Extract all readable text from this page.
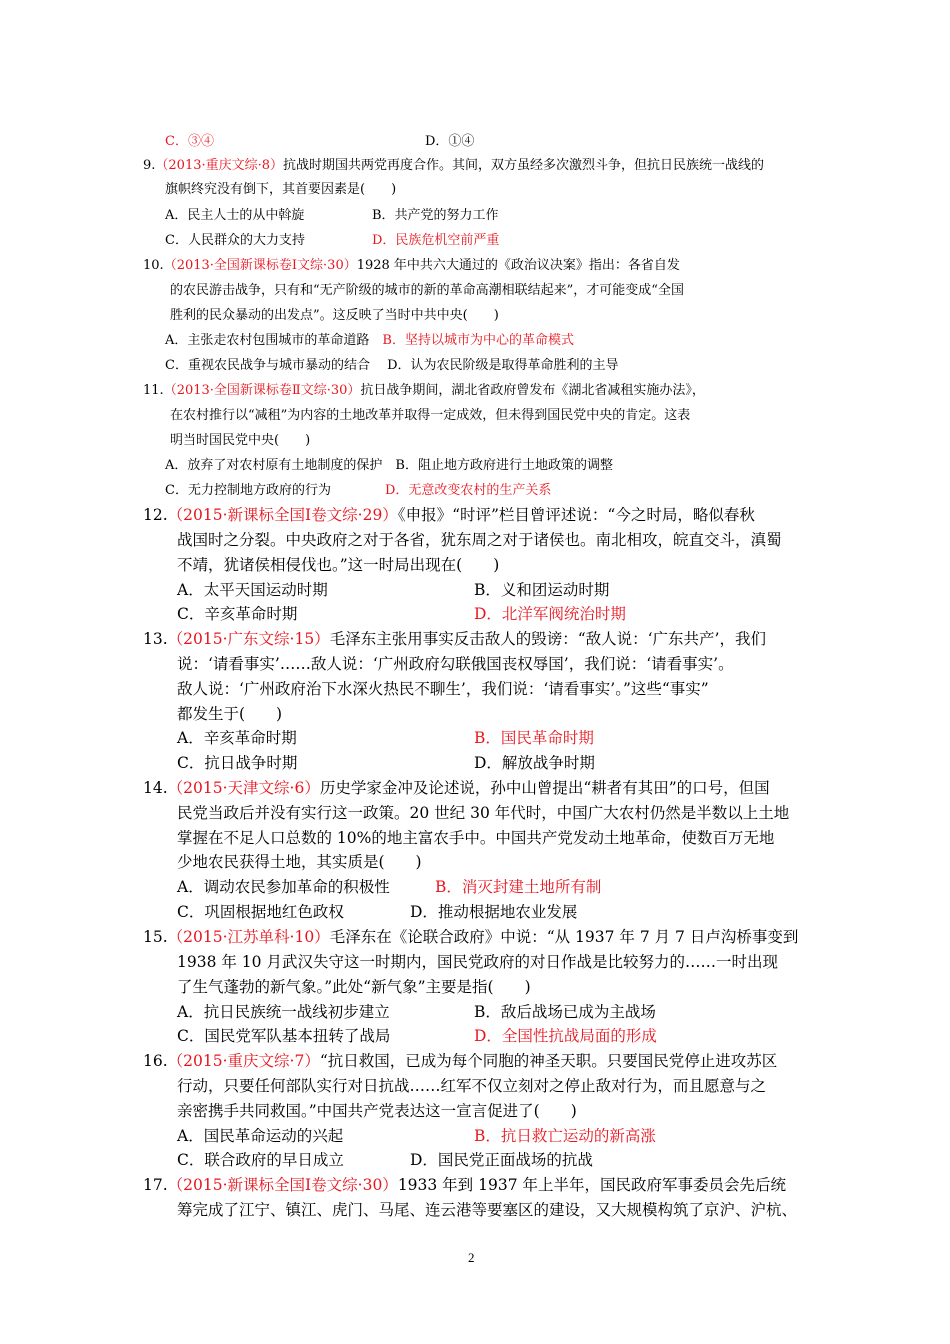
C．③④	D．①④
9.（2013·重庆文综·8）抗战时期国共两党再度合作。其间，双方虽经多次激烈斗争，但抗日民族统一战线的
旗帜终究没有倒下，其首要因素是(　　)
A．民主人士的从中斡旋	B．共产党的努力工作
C．人民群众的大力支持	D．民族危机空前严重
10.（2013·全国新课标卷Ⅰ文综·30）1928 年中共六大通过的《政治议决案》指出：各省自发
的农民游击战争，只有和“无产阶级的城市的新的革命高潮相联结起来”，才可能变成“全国
胜利的民众暴动的出发点”。这反映了当时中共中央(　　)
A．主张走农村包围城市的革命道路　B．坚持以城市为中心的革命模式
C．重视农民战争与城市暴动的结合　 D．认为农民阶级是取得革命胜利的主导
11.（2013·全国新课标卷Ⅱ文综·30）抗日战争期间，湖北省政府曾发布《湖北省减租实施办法》，
在农村推行以“减租”为内容的土地改革并取得一定成效，但未得到国民党中央的肯定。这表
明当时国民党中央(　　)
A．放弃了对农村原有土地制度的保护　B．阻止地方政府进行土地政策的调整
C．无力控制地方政府的行为	D．无意改变农村的生产关系
12.（2015·新课标全国Ⅰ卷文综·29）《申报》“时评”栏目曾评述说：“今之时局，略似春秋
战国时之分裂。中央政府之对于各省，犹东周之对于诸侯也。南北相攻，皖直交斗，滇蜀
不靖，犹诸侯相侵伐也。”这一时局出现在(　　)
A．太平天国运动时期	B．义和团运动时期
C．辛亥革命时期	D．北洋军阀统治时期
13.（2015·广东文综·15）毛泽东主张用事实反击敌人的毁谤：“敌人说：‘广东共产’，我们
说：‘请看事实’……敌人说：‘广州政府勾联俄国丧权辱国’，我们说：‘请看事实’。
敌人说：‘广州政府治下水深火热民不聊生’，我们说：‘请看事实’。”这些“事实”
都发生于(　　)
A．辛亥革命时期	B．国民革命时期
C．抗日战争时期	D．解放战争时期
14.（2015·天津文综·6）历史学家金冲及论述说，孙中山曾提出“耕者有其田”的口号，但国
民党当政后并没有实行这一政策。20 世纪 30 年代时，中国广大农村仍然是半数以上土地
掌握在不足人口总数的 10%的地主富农手中。中国共产党发动土地革命，使数百万无地
少地农民获得土地，其实质是(　　)
A．调动农民参加革命的积极性	B．消灭封建土地所有制
C．巩固根据地红色政权	D．推动根据地农业发展
15.（2015·江苏单科·10）毛泽东在《论联合政府》中说：“从 1937 年 7 月 7 日卢沟桥事变到
1938 年 10 月武汉失守这一时期内，国民党政府的对日作战是比较努力的……一时出现
了生气蓬勃的新气象。”此处“新气象”主要是指(　　)
A．抗日民族统一战线初步建立	B．敌后战场已成为主战场
C．国民党军队基本扭转了战局	D．全国性抗战局面的形成
16.（2015·重庆文综·7）“抗日救国，已成为每个同胞的神圣天职。只要国民党停止进攻苏区
行动，只要任何部队实行对日抗战……红军不仅立刻对之停止敌对行为，而且愿意与之
亲密携手共同救国。”中国共产党表达这一宣言促进了(　　)
A．国民革命运动的兴起	B．抗日救亡运动的新高涨
C．联合政府的早日成立	D．国民党正面战场的抗战
17.（2015·新课标全国Ⅰ卷文综·30）1933 年到 1937 年上半年，国民政府军事委员会先后统
筹完成了江宁、镇江、虎门、马尾、连云港等要塞区的建设，又大规模构筑了京沪、沪杭、
2
